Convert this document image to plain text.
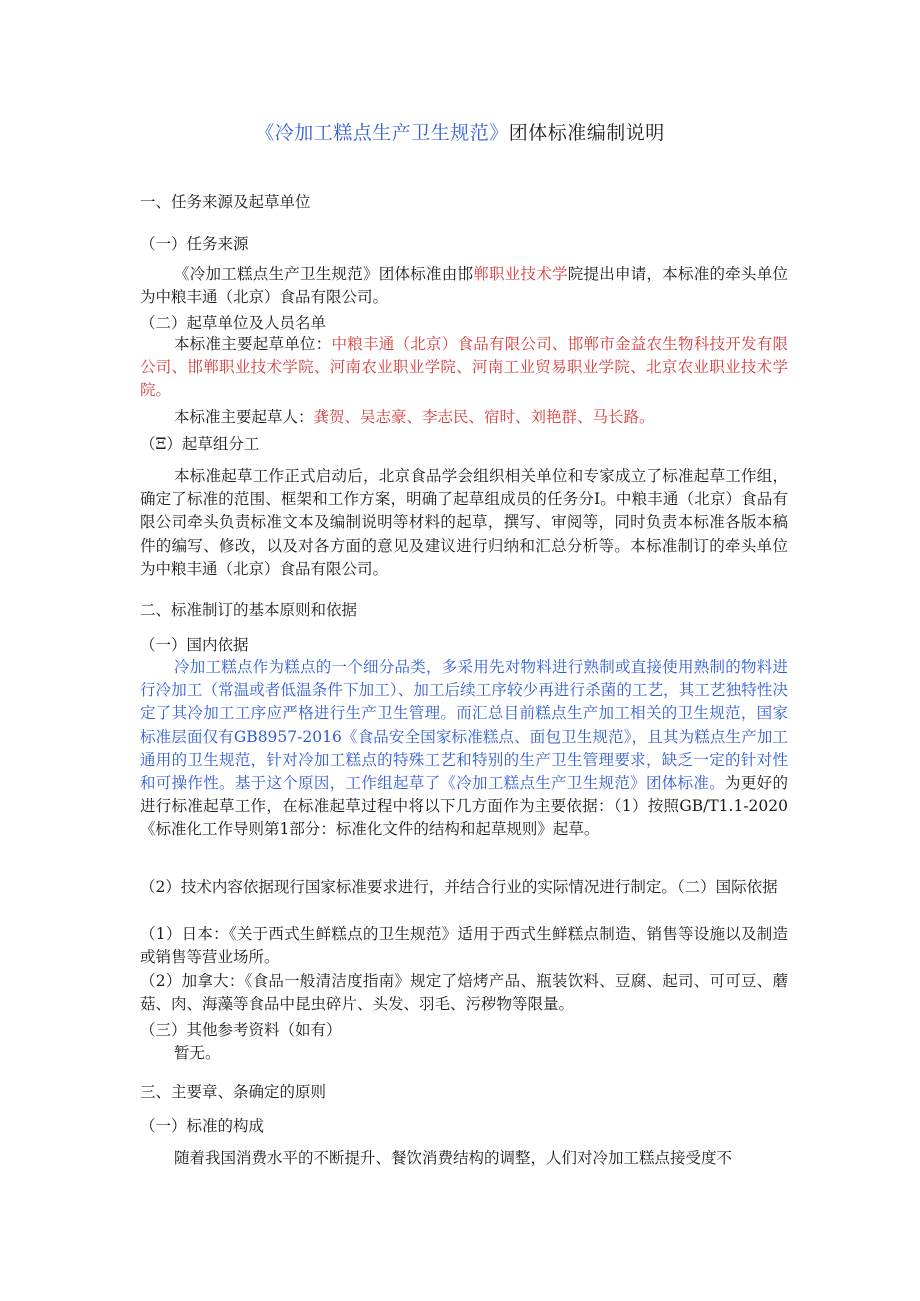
《冷加工糕点生产卫生规范》团体标准编制说明
一、任务来源及起草单位
（一）任务来源
《冷加工糕点生产卫生规范》团体标准由邯郸职业技术学院提出申请，本标准的牵头单位为中粮丰通（北京）食品有限公司。
（二）起草单位及人员名单
本标准主要起草单位：中粮丰通（北京）食品有限公司、邯郸市金益农生物科技开发有限公司、邯郸职业技术学院、河南农业职业学院、河南工业贸易职业学院、北京农业职业技术学院。
本标准主要起草人：龚贺、吴志豪、李志民、宿时、刘艳群、马长路。
（Ξ）起草组分工
本标准起草工作正式启动后，北京食品学会组织相关单位和专家成立了标准起草工作组，确定了标准的范围、框架和工作方案，明确了起草组成员的任务分I。中粮丰通（北京）食品有限公司牵头负责标准文本及编制说明等材料的起草，撰写、审阅等，同时负责本标准各版本稿件的编写、修改，以及对各方面的意见及建议进行归纳和汇总分析等。本标准制订的牵头单位为中粮丰通（北京）食品有限公司。
二、标准制订的基本原则和依据
（一）国内依据
冷加工糕点作为糕点的一个细分品类，多采用先对物料进行熟制或直接使用熟制的物料进行冷加工（常温或者低温条件下加工）、加工后续工序较少再进行杀菌的工艺，其工艺独特性决定了其冷加工工序应严格进行生产卫生管理。而汇总目前糕点生产加工相关的卫生规范，国家标准层面仅有GB8957-2016《食品安全国家标准糕点、面包卫生规范》，且其为糕点生产加工通用的卫生规范，针对冷加工糕点的特殊工艺和特别的生产卫生管理要求，缺乏一定的针对性和可操作性。基于这个原因，工作组起草了《冷加工糕点生产卫生规范》团体标准。为更好的进行标准起草工作，在标准起草过程中将以下几方面作为主要依据：（1）按照GB/T1.1-2020《标准化工作导则第1部分：标准化文件的结构和起草规则》起草。
（2）技术内容依据现行国家标准要求进行，并结合行业的实际情况进行制定。（二）国际依据
（1）日本：《关于西式生鲜糕点的卫生规范》适用于西式生鲜糕点制造、销售等设施以及制造或销售等营业场所。
（2）加拿大：《食品一般清洁度指南》规定了焙烤产品、瓶装饮料、豆腐、起司、可可豆、蘑菇、肉、海藻等食品中昆虫碎片、头发、羽毛、污秽物等限量。
（三）其他参考资料（如有）
暂无。
三、主要章、条确定的原则
（一）标准的构成
随着我国消费水平的不断提升、餐饮消费结构的调整，人们对冷加工糕点接受度不
